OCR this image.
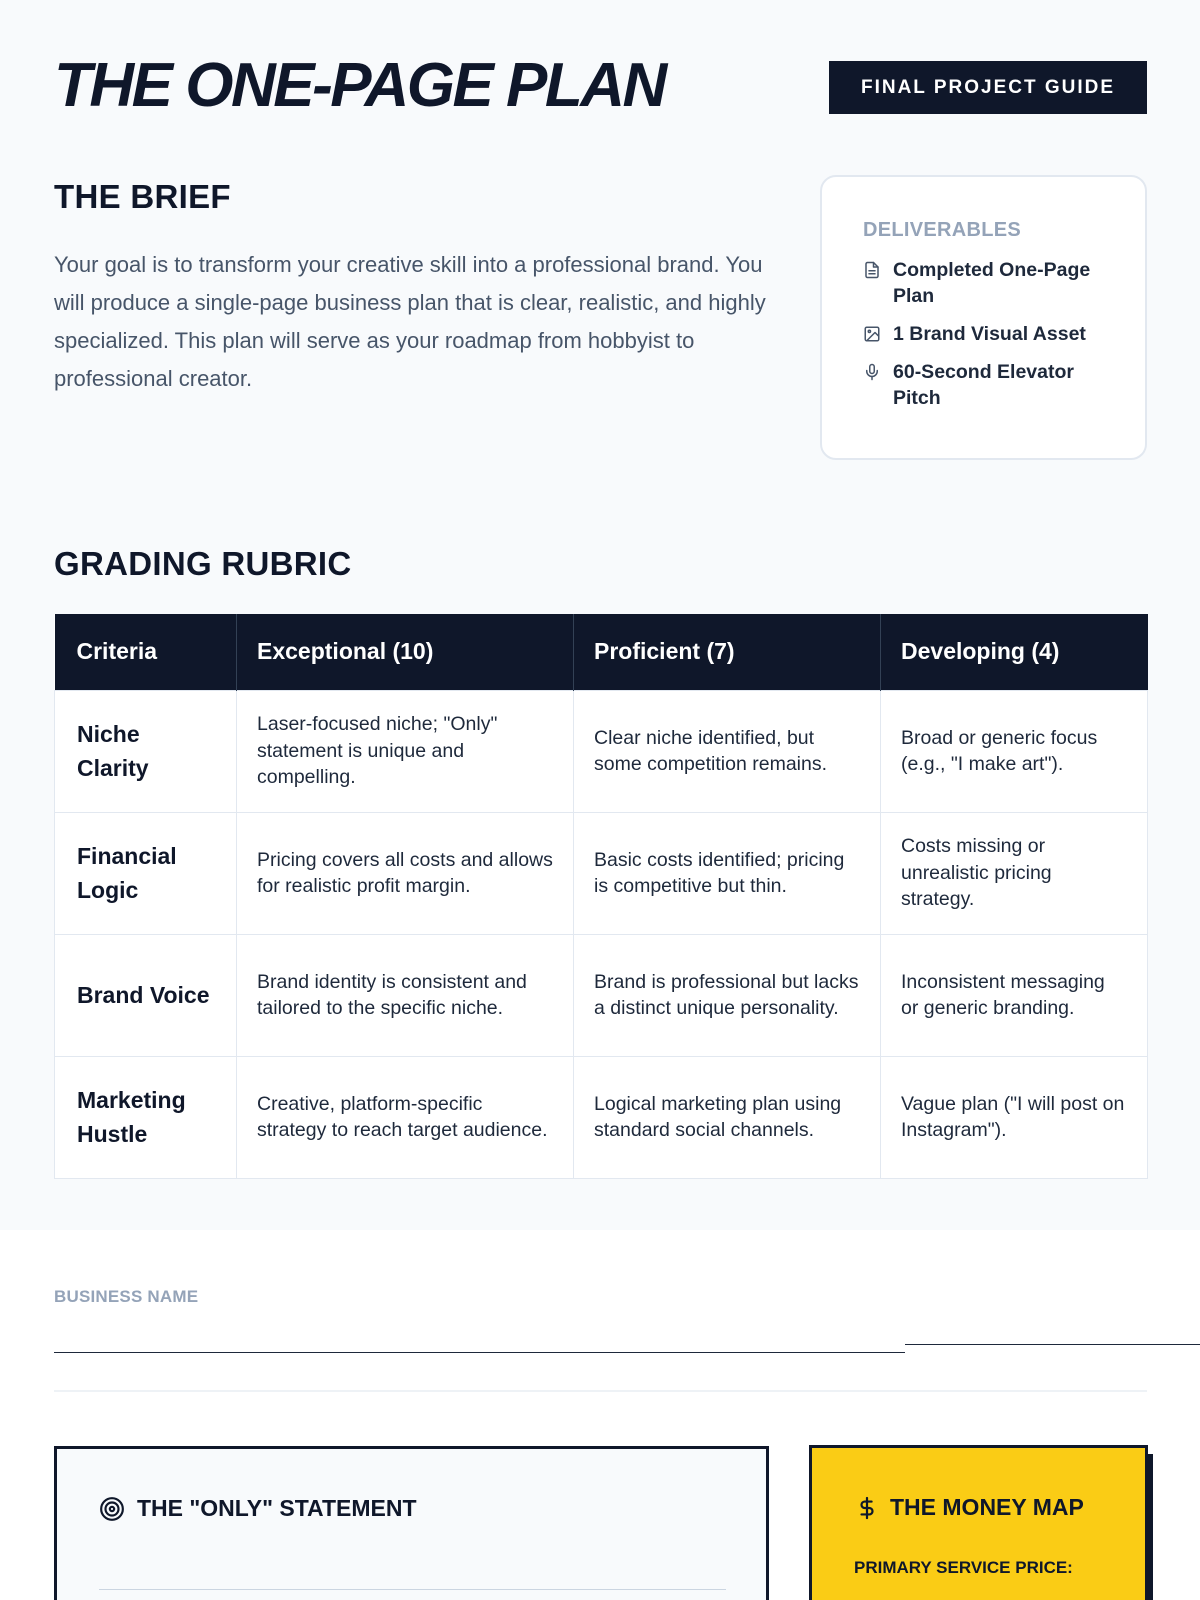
THE ONE-PAGE PLAN	FINAL PROJECT GUIDE
THE BRIEF

Your goal is to transform your creative skill into a professional brand. You will produce a single-page business plan that is clear, realistic, and highly specialized. This plan will serve as your roadmap from hobbyist to professional creator.

DELIVERABLES
Completed One-Page Plan
1 Brand Visual Asset
60-Second Elevator Pitch
GRADING RUBRIC
Criteria	Exceptional (10)	Proficient (7)	Developing (4)
Niche Clarity	Laser-focused niche; "Only" statement is unique and compelling.	Clear niche identified, but some competition remains.	Broad or generic focus (e.g., "I make art").
Financial Logic	Pricing covers all costs and allows for realistic profit margin.	Basic costs identified; pricing is competitive but thin.	Costs missing or unrealistic pricing strategy.
Brand Voice	Brand identity is consistent and tailored to the specific niche.	Brand is professional but lacks a distinct unique personality.	Inconsistent messaging or generic branding.
Marketing Hustle	Creative, platform-specific strategy to reach target audience.	Logical marketing plan using standard social channels.	Vague plan ("I will post on Instagram").
BUSINESS NAME
THE "ONLY" STATEMENT	THE MONEY MAP
PRIMARY SERVICE PRICE:
